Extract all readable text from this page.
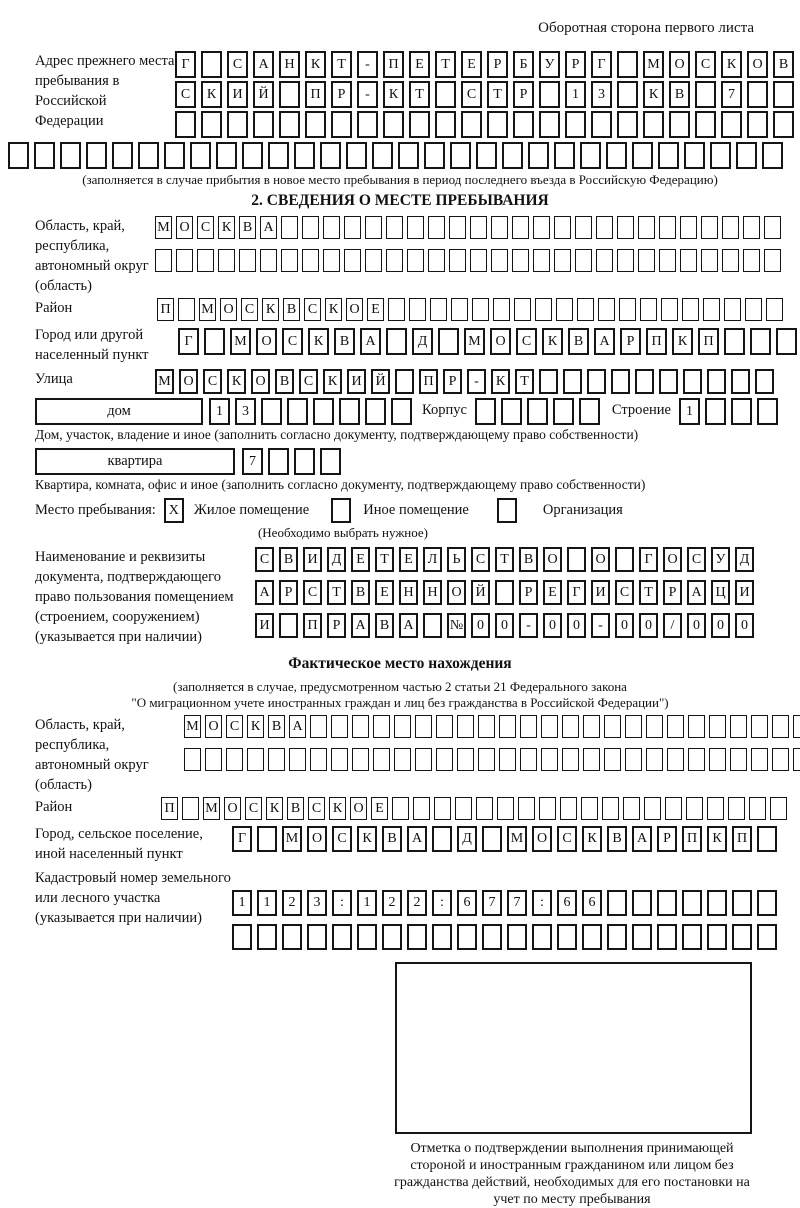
Оборотная сторона первого листа
Адрес прежнего места пребывания в Российской Федерации
Г	С	А	Н	К	Т	-	П	Е	Т	Е	Р	Б	У	Р	Г	М	О	С	К	О	В
С	К	И	Й	П	Р	-	К	Т	С	Т	Р	1	3	К	В	7
(заполняется в случае прибытия в новое место пребывания в период последнего въезда в Российскую Федерацию)
2. СВЕДЕНИЯ О МЕСТЕ ПРЕБЫВАНИЯ
Область, край, республика, автономный округ (область)
М О С К В А
Район	П М О С К В С К О Е
Город или другой населенный пункт
Г	М	О	С	К	В	А	Д	М	О	С	К	В	А	Р	П	К	П
Улица	М О	С	К	О	В	С	К	И Й	П	Р	-	К	Т
дом	1	3	Корпус	Строение	1
Дом, участок, владение и иное (заполнить согласно документу, подтверждающему право собственности)
квартира	7
Квартира, комната, офис и иное (заполнить согласно документу, подтверждающему право собственности)
Место пребывания: X	Жилое помещение	Иное помещение	Организация
(Необходимо выбрать нужное)
Наименование и реквизиты документа, подтверждающего право пользования помещением (строением, сооружением) (указывается при наличии)
С	В	И	Д	Е	Т	Е	Л	Ь	С	Т	В	О	О	Г	О	С	У	Д
А	Р	С	Т	В	Е	Н Н О Й	Р	Е	Г	И	С	Т	Р	А Ц И
И	П	Р	А	В	А	№ 0	0	-	0	0	-	0	0	/	0	0	0
Фактическое место нахождения
(заполняется в случае, предусмотренном частью 2 статьи 21 Федерального закона
"О миграционном учете иностранных граждан и лиц без гражданства в Российской Федерации")
Область, край, республика, автономный округ (область)
М О С К В А
Район	П М О С К В С К О Е
Город, сельское поселение, иной населенный пункт
Г	М О	С	К	В	А	Д	М О	С	К	В	А	Р	П	К	П
Кадастровый номер земельного или лесного участка (указывается при наличии)
1	1	2	3	:	1	2	2	:	6	7	7	:	6	6
Отметка о подтверждении выполнения принимающей стороной и иностранным гражданином или лицом без гражданства действий, необходимых для его постановки на учет по месту пребывания
